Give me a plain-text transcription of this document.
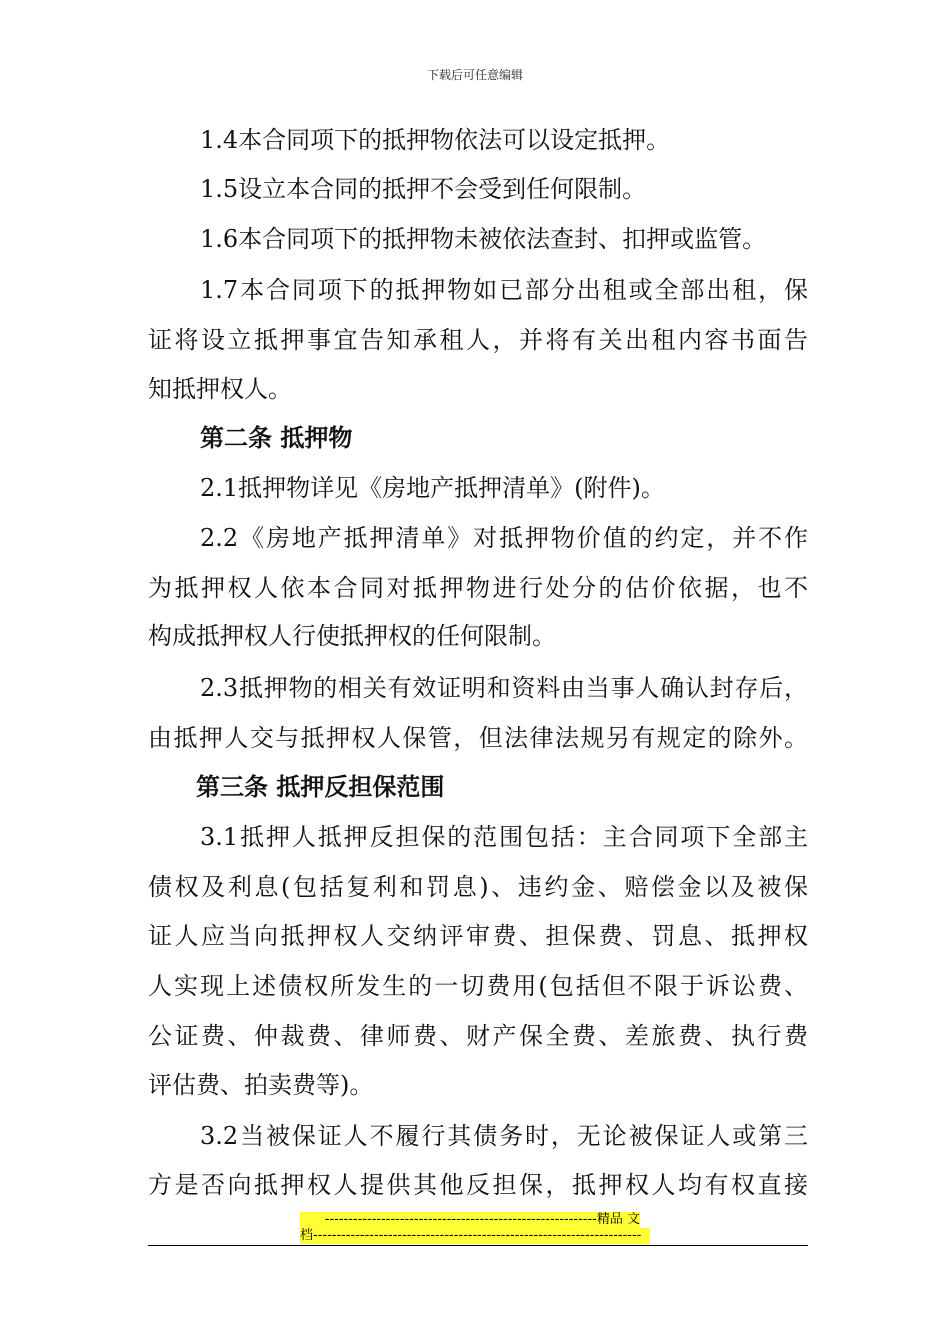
下载后可任意编辑
1.4本合同项下的抵押物依法可以设定抵押。
1.5设立本合同的抵押不会受到任何限制。
1.6本合同项下的抵押物未被依法查封、扣押或监管。
1.7本合同项下的抵押物如已部分出租或全部出租，保
证将设立抵押事宜告知承租人，并将有关出租内容书面告
知抵押权人。
第二条 抵押物
2.1抵押物详见《房地产抵押清单》(附件)。
2.2《房地产抵押清单》对抵押物价值的约定，并不作
为抵押权人依本合同对抵押物进行处分的估价依据，也不
构成抵押权人行使抵押权的任何限制。
2.3抵押物的相关有效证明和资料由当事人确认封存后，
由抵押人交与抵押权人保管，但法律法规另有规定的除外。
第三条 抵押反担保范围
3.1抵押人抵押反担保的范围包括：主合同项下全部主
债权及利息(包括复利和罚息)、违约金、赔偿金以及被保
证人应当向抵押权人交纳评审费、担保费、罚息、抵押权
人实现上述债权所发生的一切费用(包括但不限于诉讼费、
公证费、仲裁费、律师费、财产保全费、差旅费、执行费
评估费、拍卖费等)。
3.2当被保证人不履行其债务时，无论被保证人或第三
方是否向抵押权人提供其他反担保，抵押权人均有权直接
----------------------------------------------------------精品 文
档----------------------------------------------------------------------
